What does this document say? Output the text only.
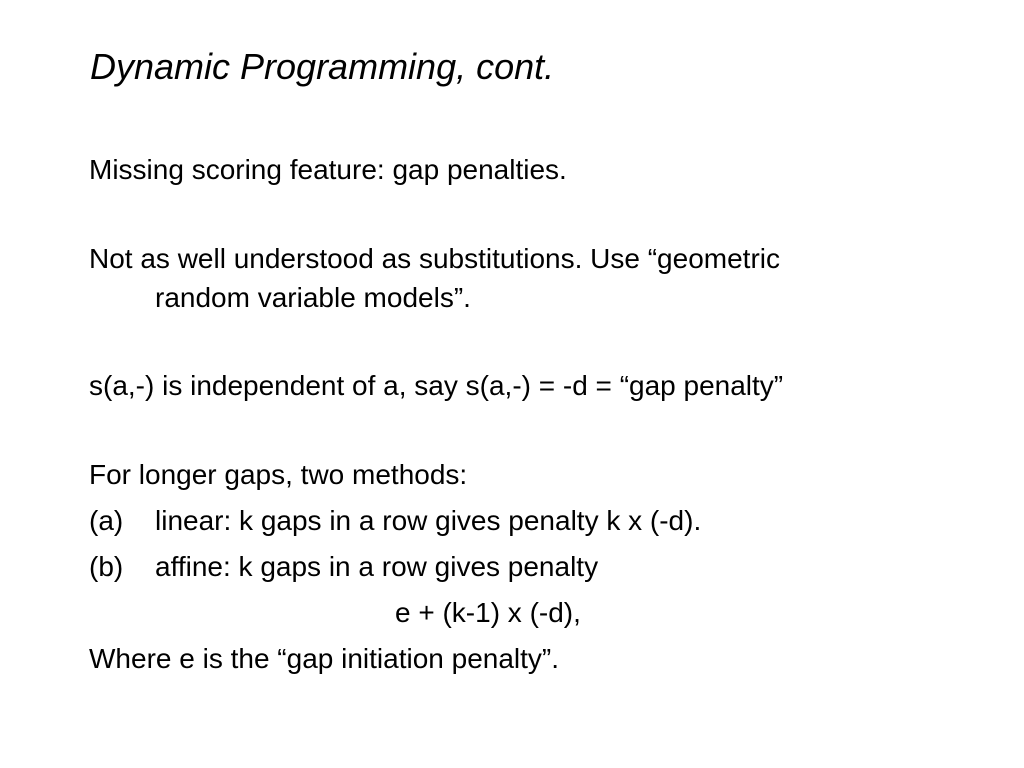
Dynamic Programming, cont.
Missing scoring feature: gap penalties.
Not as well understood as substitutions. Use “geometric
random variable models”.
s(a,-) is independent of a, say s(a,-) = -d = “gap penalty”
For longer gaps, two methods:
(a) linear: k gaps in a row gives penalty k x (-d).
(b) affine: k gaps in a row gives penalty
e + (k-1) x (-d),
Where e is the “gap initiation penalty”.
